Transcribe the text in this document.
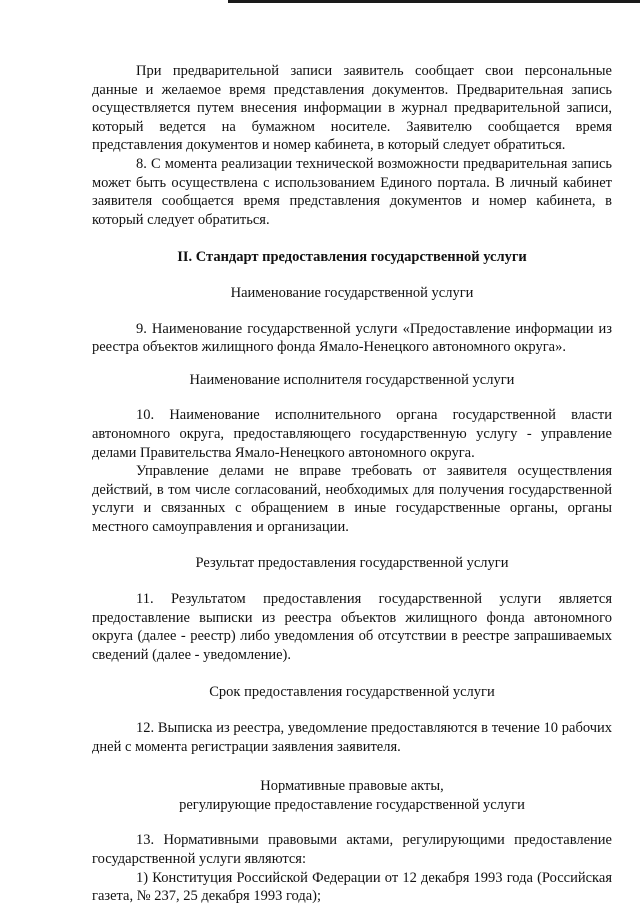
При предварительной записи заявитель сообщает свои персональные данные и желаемое время представления документов. Предварительная запись осуществляется путем внесения информации в журнал предварительной записи, который ведется на бумажном носителе. Заявителю сообщается время представления документов и номер кабинета, в который следует обратиться.

8. С момента реализации технической возможности предварительная запись может быть осуществлена с использованием Единого портала. В личный кабинет заявителя сообщается время представления документов и номер кабинета, в который следует обратиться.

II. Стандарт предоставления государственной услуги

Наименование государственной услуги

9. Наименование государственной услуги «Предоставление информации из реестра объектов жилищного фонда Ямало-Ненецкого автономного округа».

Наименование исполнителя государственной услуги

10. Наименование исполнительного органа государственной власти автономного округа, предоставляющего государственную услугу - управление делами Правительства Ямало-Ненецкого автономного округа.

Управление делами не вправе требовать от заявителя осуществления действий, в том числе согласований, необходимых для получения государственной услуги и связанных с обращением в иные государственные органы, органы местного самоуправления и организации.

Результат предоставления государственной услуги

11. Результатом предоставления государственной услуги является предоставление выписки из реестра объектов жилищного фонда автономного округа (далее - реестр) либо уведомления об отсутствии в реестре запрашиваемых сведений (далее - уведомление).

Срок предоставления государственной услуги

12. Выписка из реестра, уведомление предоставляются в течение 10 рабочих дней с момента регистрации заявления заявителя.

Нормативные правовые акты,

регулирующие предоставление государственной услуги

13. Нормативными правовыми актами, регулирующими предоставление государственной услуги являются:

1) Конституция Российской Федерации от 12 декабря 1993 года (Российская газета, № 237, 25 декабря 1993 года);
